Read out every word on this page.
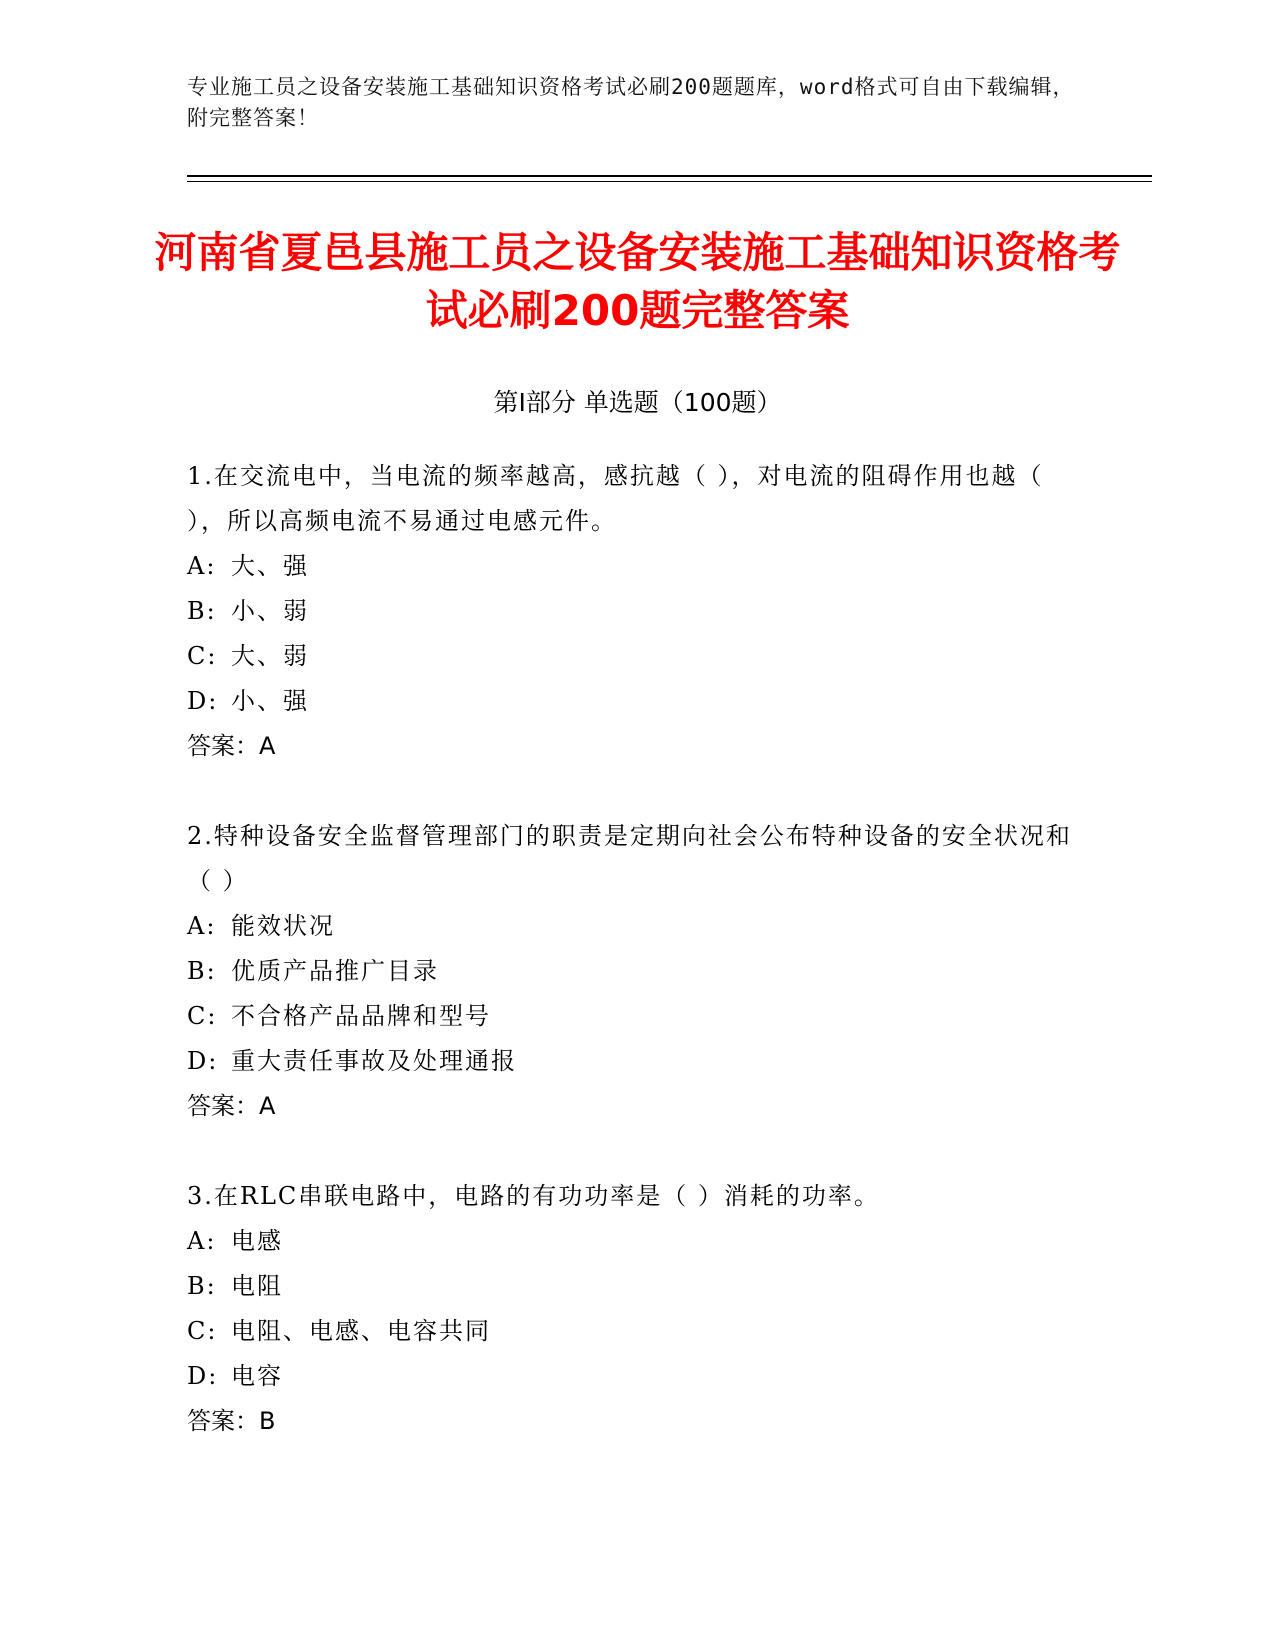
专业施工员之设备安装施工基础知识资格考试必刷200题题库，word格式可自由下载编辑，附完整答案！
河南省夏邑县施工员之设备安装施工基础知识资格考试必刷200题完整答案
第Ⅰ部分 单选题（100题）

1.在交流电中，当电流的频率越高，感抗越（ ），对电流的阻碍作用也越（ ），所以高频电流不易通过电感元件。

A: 大、强

B: 小、弱

C: 大、弱

D: 小、强

答案：A

2.特种设备安全监督管理部门的职责是定期向社会公布特种设备的安全状况和（ ）

A: 能效状况

B: 优质产品推广目录

C: 不合格产品品牌和型号

D: 重大责任事故及处理通报

答案：A

3.在RLC串联电路中，电路的有功功率是（ ）消耗的功率。

A: 电感

B: 电阻

C: 电阻、电感、电容共同

D: 电容

答案：B
